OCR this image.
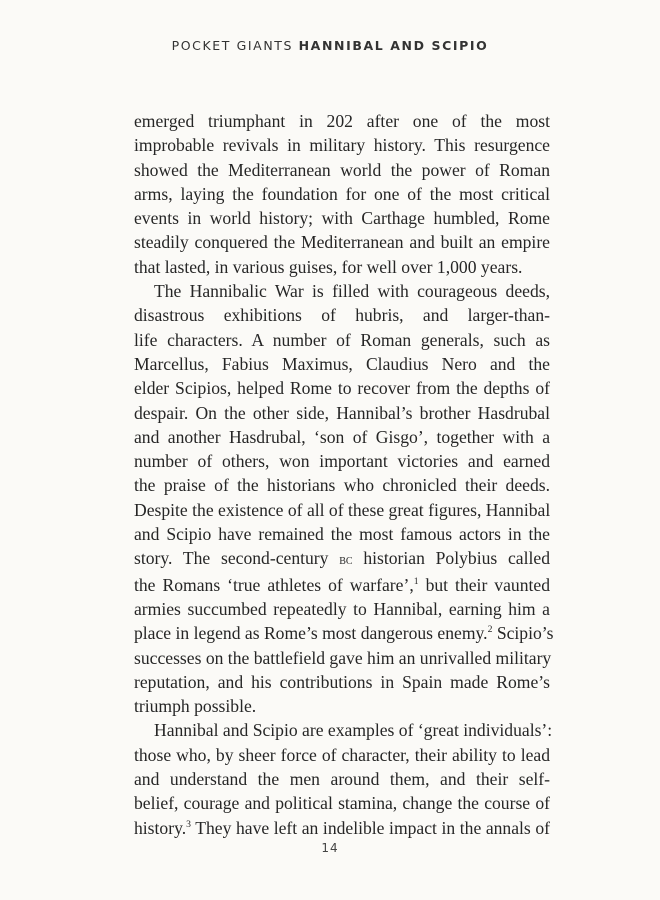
POCKET GIANTS HANNIBAL AND SCIPIO

emerged triumphant in 202 after one of the most
improbable revivals in military history. This resurgence
showed the Mediterranean world the power of Roman
arms, laying the foundation for one of the most critical
events in world history; with Carthage humbled, Rome
steadily conquered the Mediterranean and built an empire
that lasted, in various guises, for well over 1,000 years.

The Hannibalic War is filled with courageous deeds,
disastrous exhibitions of hubris, and larger-than-
life characters. A number of Roman generals, such as
Marcellus, Fabius Maximus, Claudius Nero and the
elder Scipios, helped Rome to recover from the depths of
despair. On the other side, Hannibal’s brother Hasdrubal
and another Hasdrubal, ‘son of Gisgo’, together with a
number of others, won important victories and earned
the praise of the historians who chronicled their deeds.
Despite the existence of all of these great figures, Hannibal
and Scipio have remained the most famous actors in the
story. The second-century bc historian Polybius called
the Romans ‘true athletes of warfare’,$^1$ but their vaunted
armies succumbed repeatedly to Hannibal, earning him a
place in legend as Rome’s most dangerous enemy.$^2$ Scipio’s
successes on the battlefield gave him an unrivalled military
reputation, and his contributions in Spain made Rome’s
triumph possible.

Hannibal and Scipio are examples of ‘great individuals’:
those who, by sheer force of character, their ability to lead
and understand the men around them, and their self-
belief, courage and political stamina, change the course of
history.$^3$ They have left an indelible impact in the annals of

14
